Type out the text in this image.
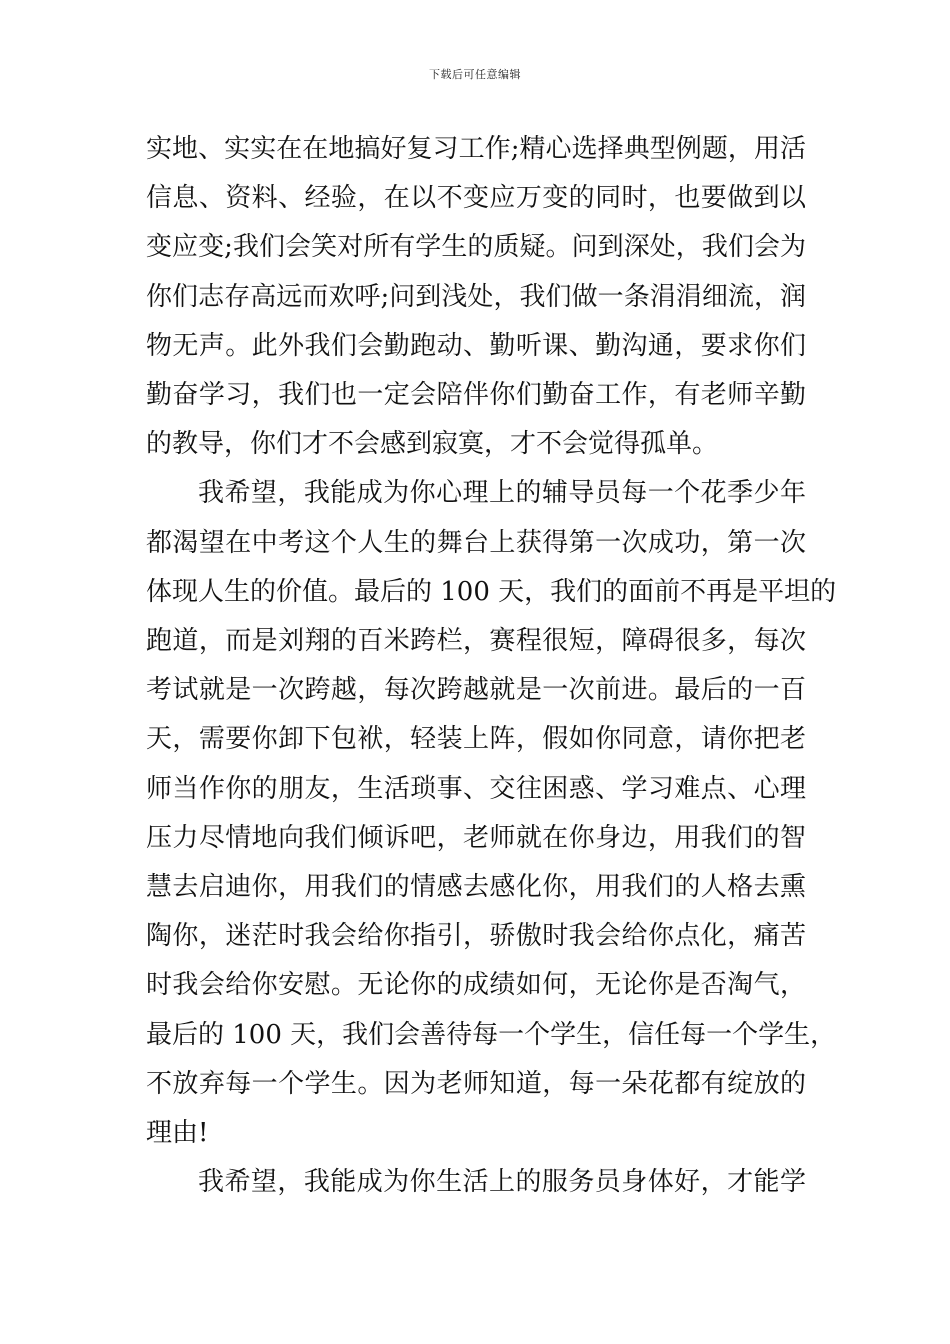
下载后可任意编辑

实地、实实在在地搞好复习工作;精心选择典型例题，用活
信息、资料、经验，在以不变应万变的同时，也要做到以
变应变;我们会笑对所有学生的质疑。问到深处，我们会为
你们志存高远而欢呼;问到浅处，我们做一条涓涓细流，润
物无声。此外我们会勤跑动、勤听课、勤沟通，要求你们
勤奋学习，我们也一定会陪伴你们勤奋工作，有老师辛勤
的教导，你们才不会感到寂寞，才不会觉得孤单。

我希望，我能成为你心理上的辅导员每一个花季少年
都渴望在中考这个人生的舞台上获得第一次成功，第一次
体现人生的价值。最后的 100 天，我们的面前不再是平坦的
跑道，而是刘翔的百米跨栏，赛程很短，障碍很多，每次
考试就是一次跨越，每次跨越就是一次前进。最后的一百
天，需要你卸下包袱，轻装上阵，假如你同意，请你把老
师当作你的朋友，生活琐事、交往困惑、学习难点、心理
压力尽情地向我们倾诉吧，老师就在你身边，用我们的智
慧去启迪你，用我们的情感去感化你，用我们的人格去熏
陶你，迷茫时我会给你指引，骄傲时我会给你点化，痛苦
时我会给你安慰。无论你的成绩如何，无论你是否淘气，
最后的 100 天，我们会善待每一个学生，信任每一个学生，
不放弃每一个学生。因为老师知道，每一朵花都有绽放的
理由!

我希望，我能成为你生活上的服务员身体好，才能学
